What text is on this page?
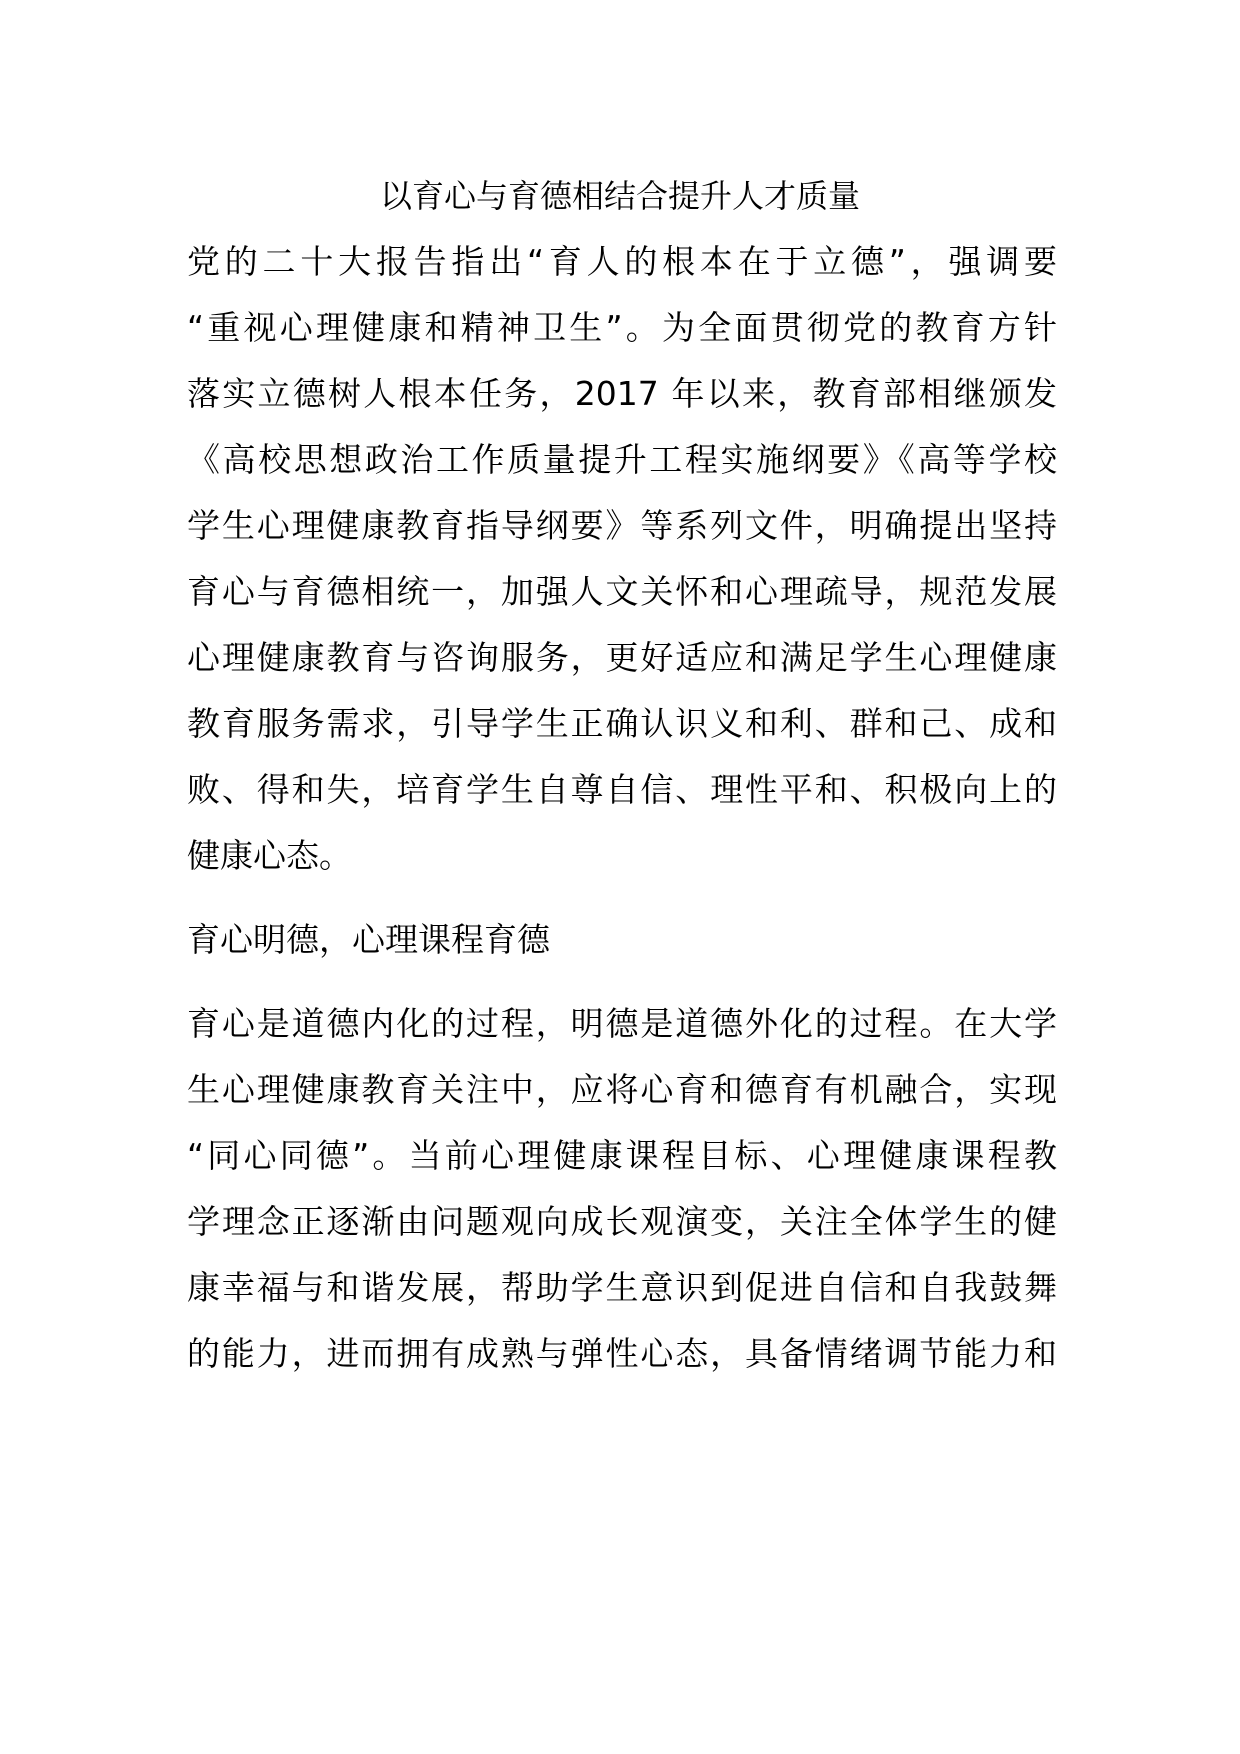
以育心与育德相结合提升人才质量
党的二十大报告指出“育人的根本在于立德”，强调要
“重视心理健康和精神卫生”。为全面贯彻党的教育方针
落实立德树人根本任务，2017 年以来，教育部相继颁发
《高校思想政治工作质量提升工程实施纲要》《高等学校
学生心理健康教育指导纲要》等系列文件，明确提出坚持
育心与育德相统一，加强人文关怀和心理疏导，规范发展
心理健康教育与咨询服务，更好适应和满足学生心理健康
教育服务需求，引导学生正确认识义和利、群和己、成和
败、得和失，培育学生自尊自信、理性平和、积极向上的
健康心态。
育心明德，心理课程育德
育心是道德内化的过程，明德是道德外化的过程。在大学
生心理健康教育关注中，应将心育和德育有机融合，实现
“同心同德”。当前心理健康课程目标、心理健康课程教
学理念正逐渐由问题观向成长观演变，关注全体学生的健
康幸福与和谐发展，帮助学生意识到促进自信和自我鼓舞
的能力，进而拥有成熟与弹性心态，具备情绪调节能力和
